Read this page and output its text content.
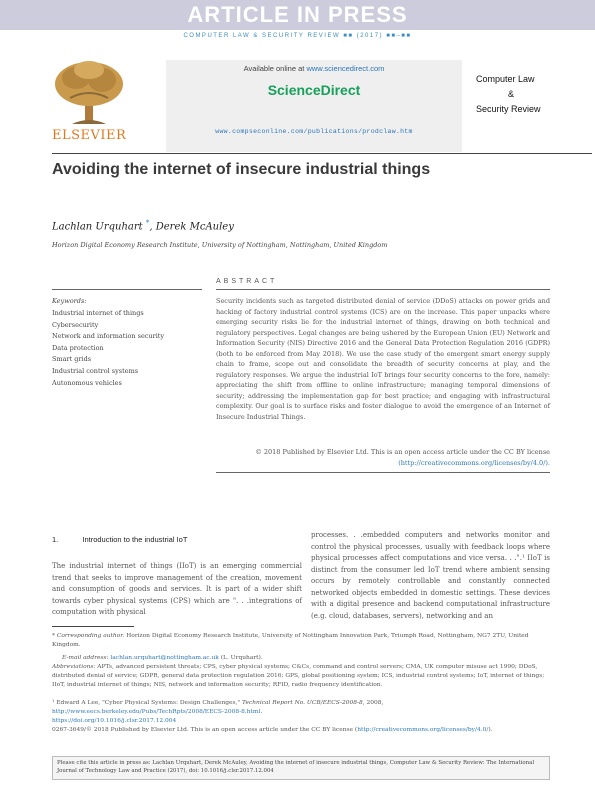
ARTICLE IN PRESS
COMPUTER LAW & SECURITY REVIEW ■■ (2017) ■■–■■
ELSEVIER
Available online at www.sciencedirect.com
ScienceDirect
www.compseconline.com/publications/prodclaw.htm
Computer Law
&
Security Review
Avoiding the internet of insecure industrial things
Lachlan Urquhart *, Derek McAuley
Horizon Digital Economy Research Institute, University of Nottingham, Nottingham, United Kingdom
ABSTRACT
Keywords:
Industrial internet of things
Cybersecurity
Network and information security
Data protection
Smart grids
Industrial control systems
Autonomous vehicles
Security incidents such as targeted distributed denial of service (DDoS) attacks on power grids and hacking of factory industrial control systems (ICS) are on the increase. This paper unpacks where emerging security risks lie for the industrial internet of things, drawing on both technical and regulatory perspectives. Legal changes are being ushered by the European Union (EU) Network and Information Security (NIS) Directive 2016 and the General Data Protection Regulation 2016 (GDPR) (both to be enforced from May 2018). We use the case study of the emergent smart energy supply chain to frame, scope out and consolidate the breadth of security concerns at play, and the regulatory responses. We argue the industrial IoT brings four security concerns to the fore, namely: appreciating the shift from offline to online infrastructure; managing temporal dimensions of security; addressing the implementation gap for best practice; and engaging with infrastructural complexity. Our goal is to surface risks and foster dialogue to avoid the emergence of an Internet of Insecure Industrial Things.
© 2018 Published by Elsevier Ltd. This is an open access article under the CC BY license
(http://creativecommons.org/licenses/by/4.0/).
1.	Introduction to the industrial IoT
The industrial internet of things (IIoT) is an emerging commercial trend that seeks to improve management of the creation, movement and consumption of goods and services. It is part of a wider shift towards cyber physical systems (CPS) which are ". . .integrations of computation with physical
processes. . .embedded computers and networks monitor and control the physical processes, usually with feedback loops where physical processes affect computations and vice versa. . .".¹ IIoT is distinct from the consumer led IoT trend where ambient sensing occurs by remotely controllable and constantly connected networked objects embedded in domestic settings. These devices with a digital presence and backend computational infrastructure (e.g. cloud, databases, servers), networking and an
* Corresponding author. Horizon Digital Economy Research Institute, University of Nottingham Innovation Park, Triumph Road, Nottingham, NG7 2TU, United Kingdom.
E-mail address: lachlan.urquhart@nottingham.ac.uk (L. Urquhart).
Abbreviations: APTs, advanced persistent threats; CPS, cyber physical systems; C&Cs, command and control servers; CMA, UK computer misuse act 1990; DDoS, distributed denial of service; GDPR, general data protection regulation 2016; GPS, global positioning system; ICS, industrial control systems; IoT, internet of things; IIoT, industrial internet of things; NIS, network and information security; RFID, radio frequency identification.
¹ Edward A Lee, "Cyber Physical Systems: Design Challenges," Technical Report No. UCB/EECS-2008-8, 2008, http://www.eecs.berkeley.edu/Pubs/TechRpts/2008/EECS-2008-8.html.
https://doi.org/10.1016/j.clsr.2017.12.004
0267-3649/© 2018 Published by Elsevier Ltd. This is an open access article under the CC BY license (http://creativecommons.org/licenses/by/4.0/).
Please cite this article in press as: Lachlan Urquhart, Derek McAuley, Avoiding the internet of insecure industrial things, Computer Law & Security Review: The International Journal of Technology Law and Practice (2017), doi: 10.1016/j.clsr.2017.12.004
